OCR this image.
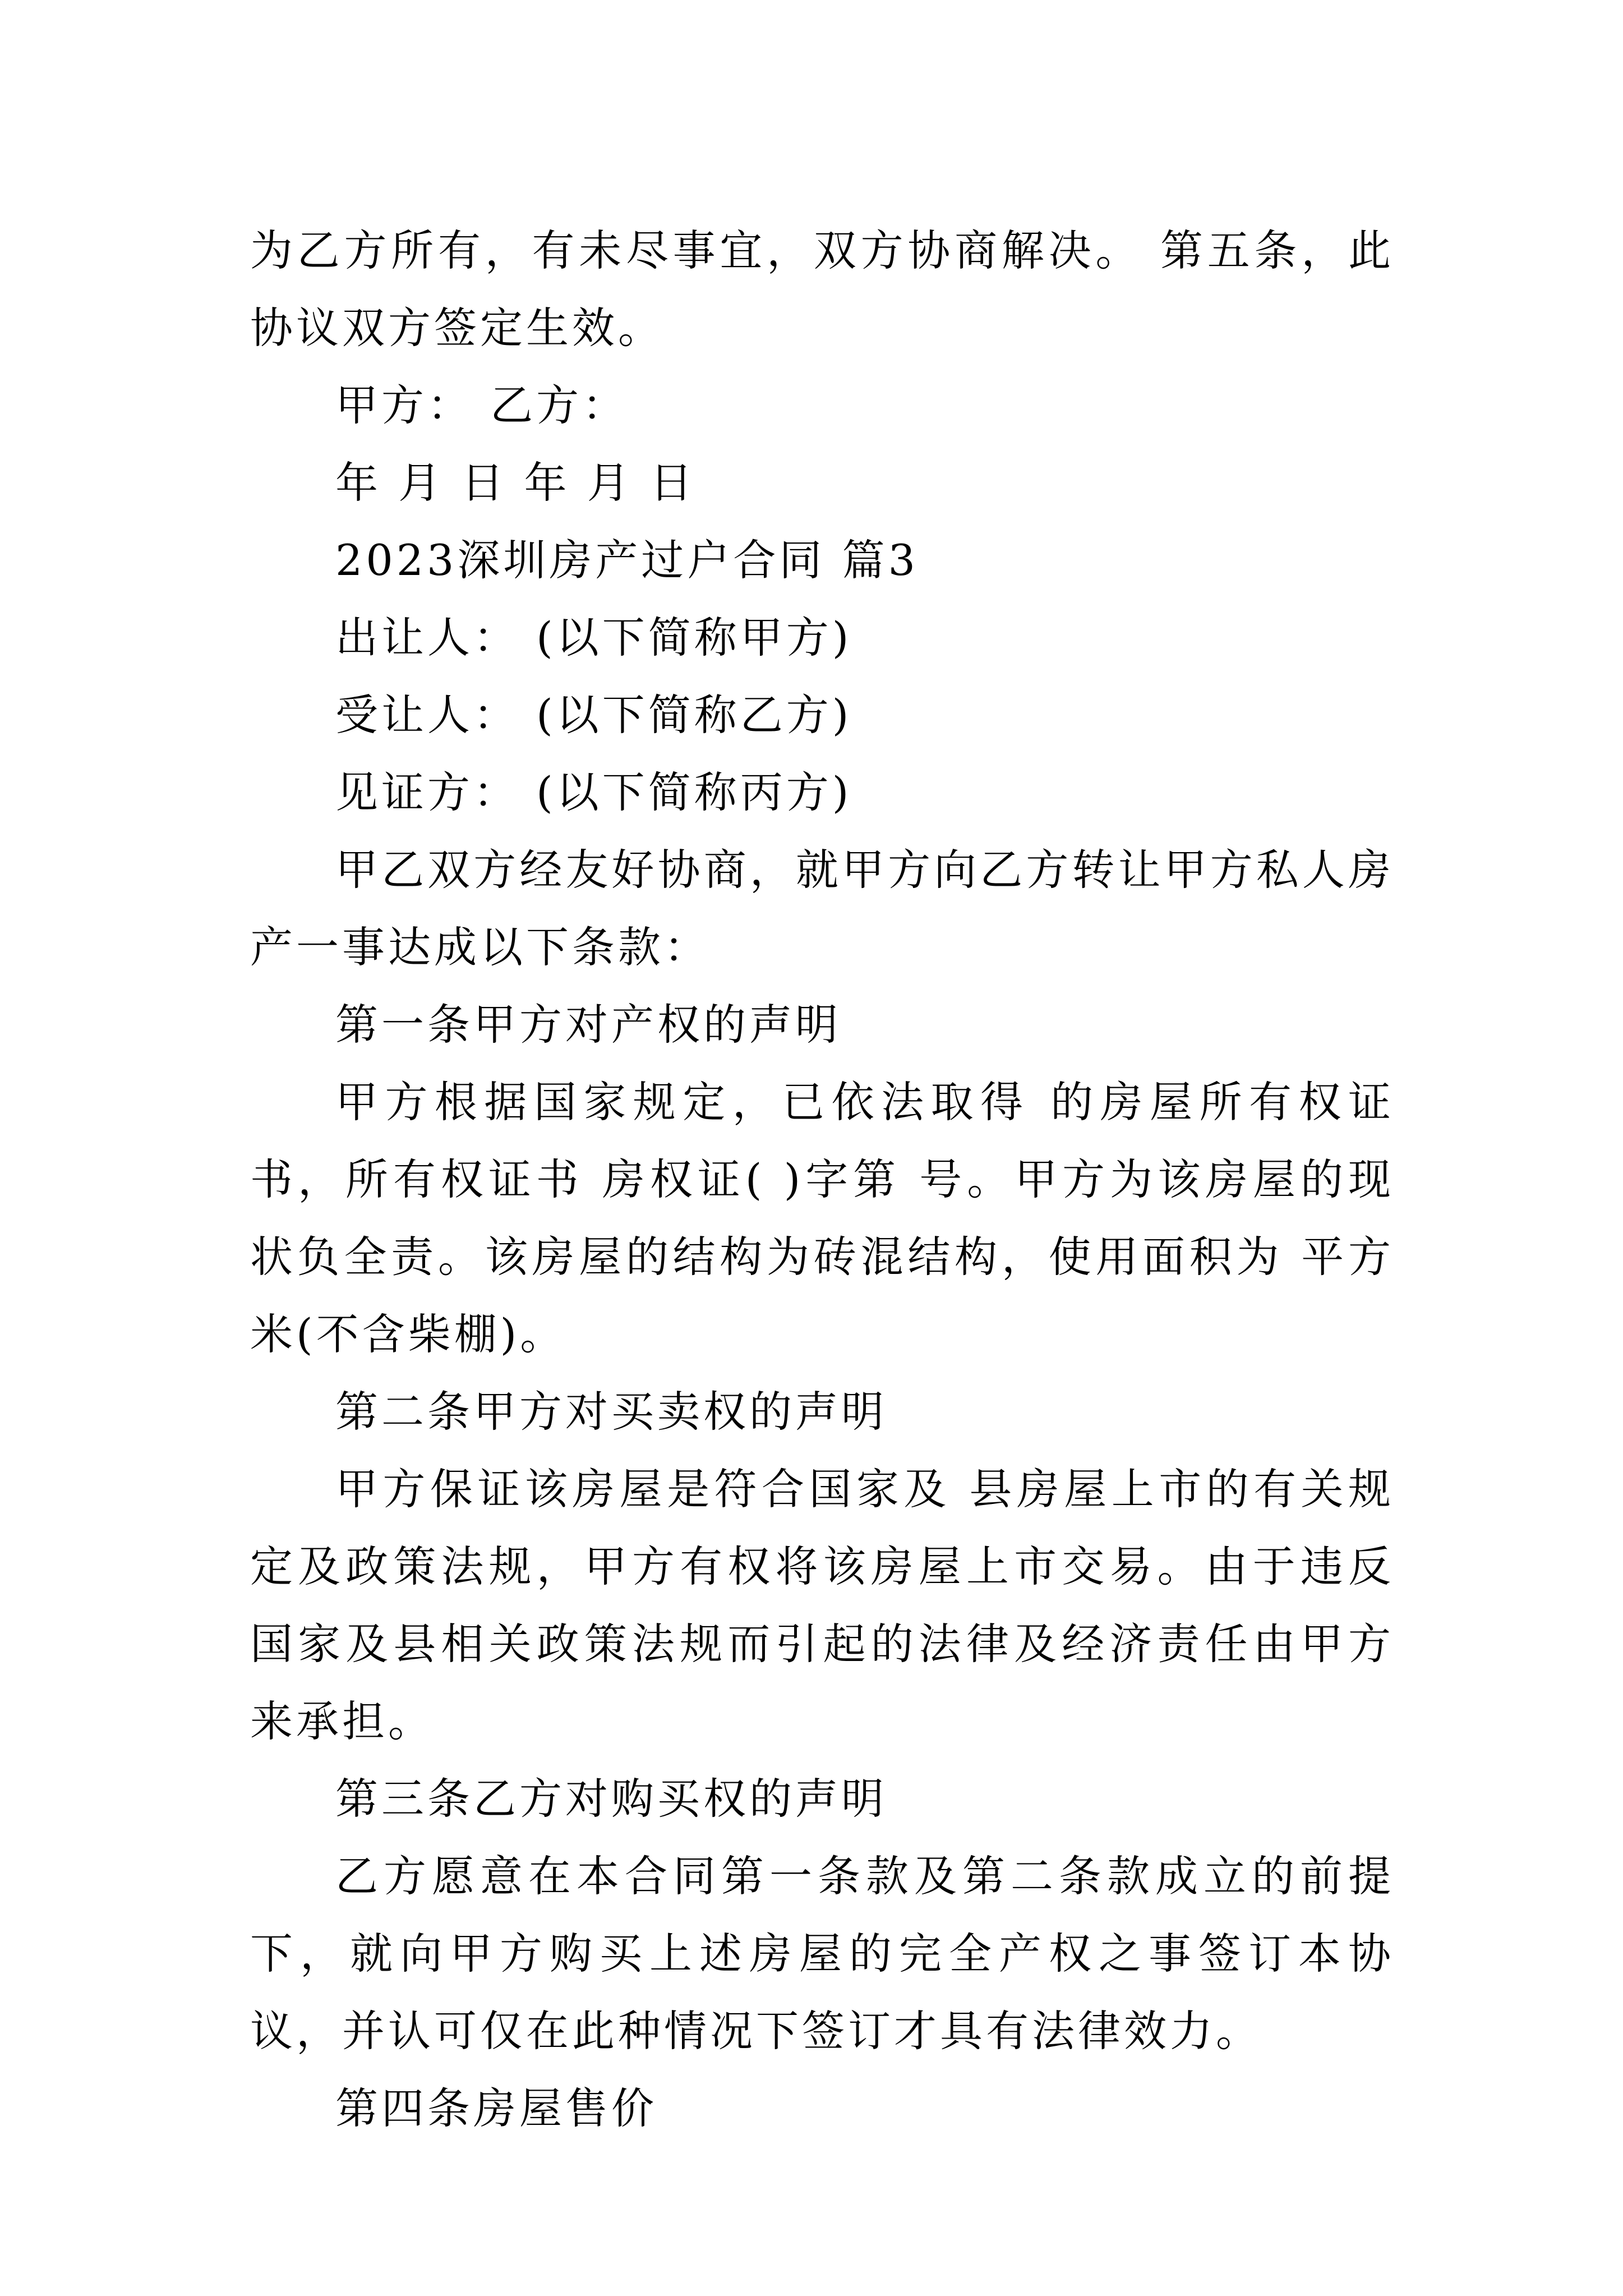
为乙方所有，有未尽事宜，双方协商解决。 第五条，此协议双方签定生效。

甲方： 乙方：

年 月 日 年 月 日

2023深圳房产过户合同 篇3

出让人： (以下简称甲方)

受让人： (以下简称乙方)

见证方： (以下简称丙方)

甲乙双方经友好协商，就甲方向乙方转让甲方私人房产一事达成以下条款：

第一条甲方对产权的声明

甲方根据国家规定，已依法取得 的房屋所有权证书，所有权证书 房权证( )字第 号。甲方为该房屋的现状负全责。该房屋的结构为砖混结构，使用面积为 平方米(不含柴棚)。

第二条甲方对买卖权的声明

甲方保证该房屋是符合国家及 县房屋上市的有关规定及政策法规，甲方有权将该房屋上市交易。由于违反国家及县相关政策法规而引起的法律及经济责任由甲方来承担。

第三条乙方对购买权的声明

乙方愿意在本合同第一条款及第二条款成立的前提下，就向甲方购买上述房屋的完全产权之事签订本协议，并认可仅在此种情况下签订才具有法律效力。

第四条房屋售价
